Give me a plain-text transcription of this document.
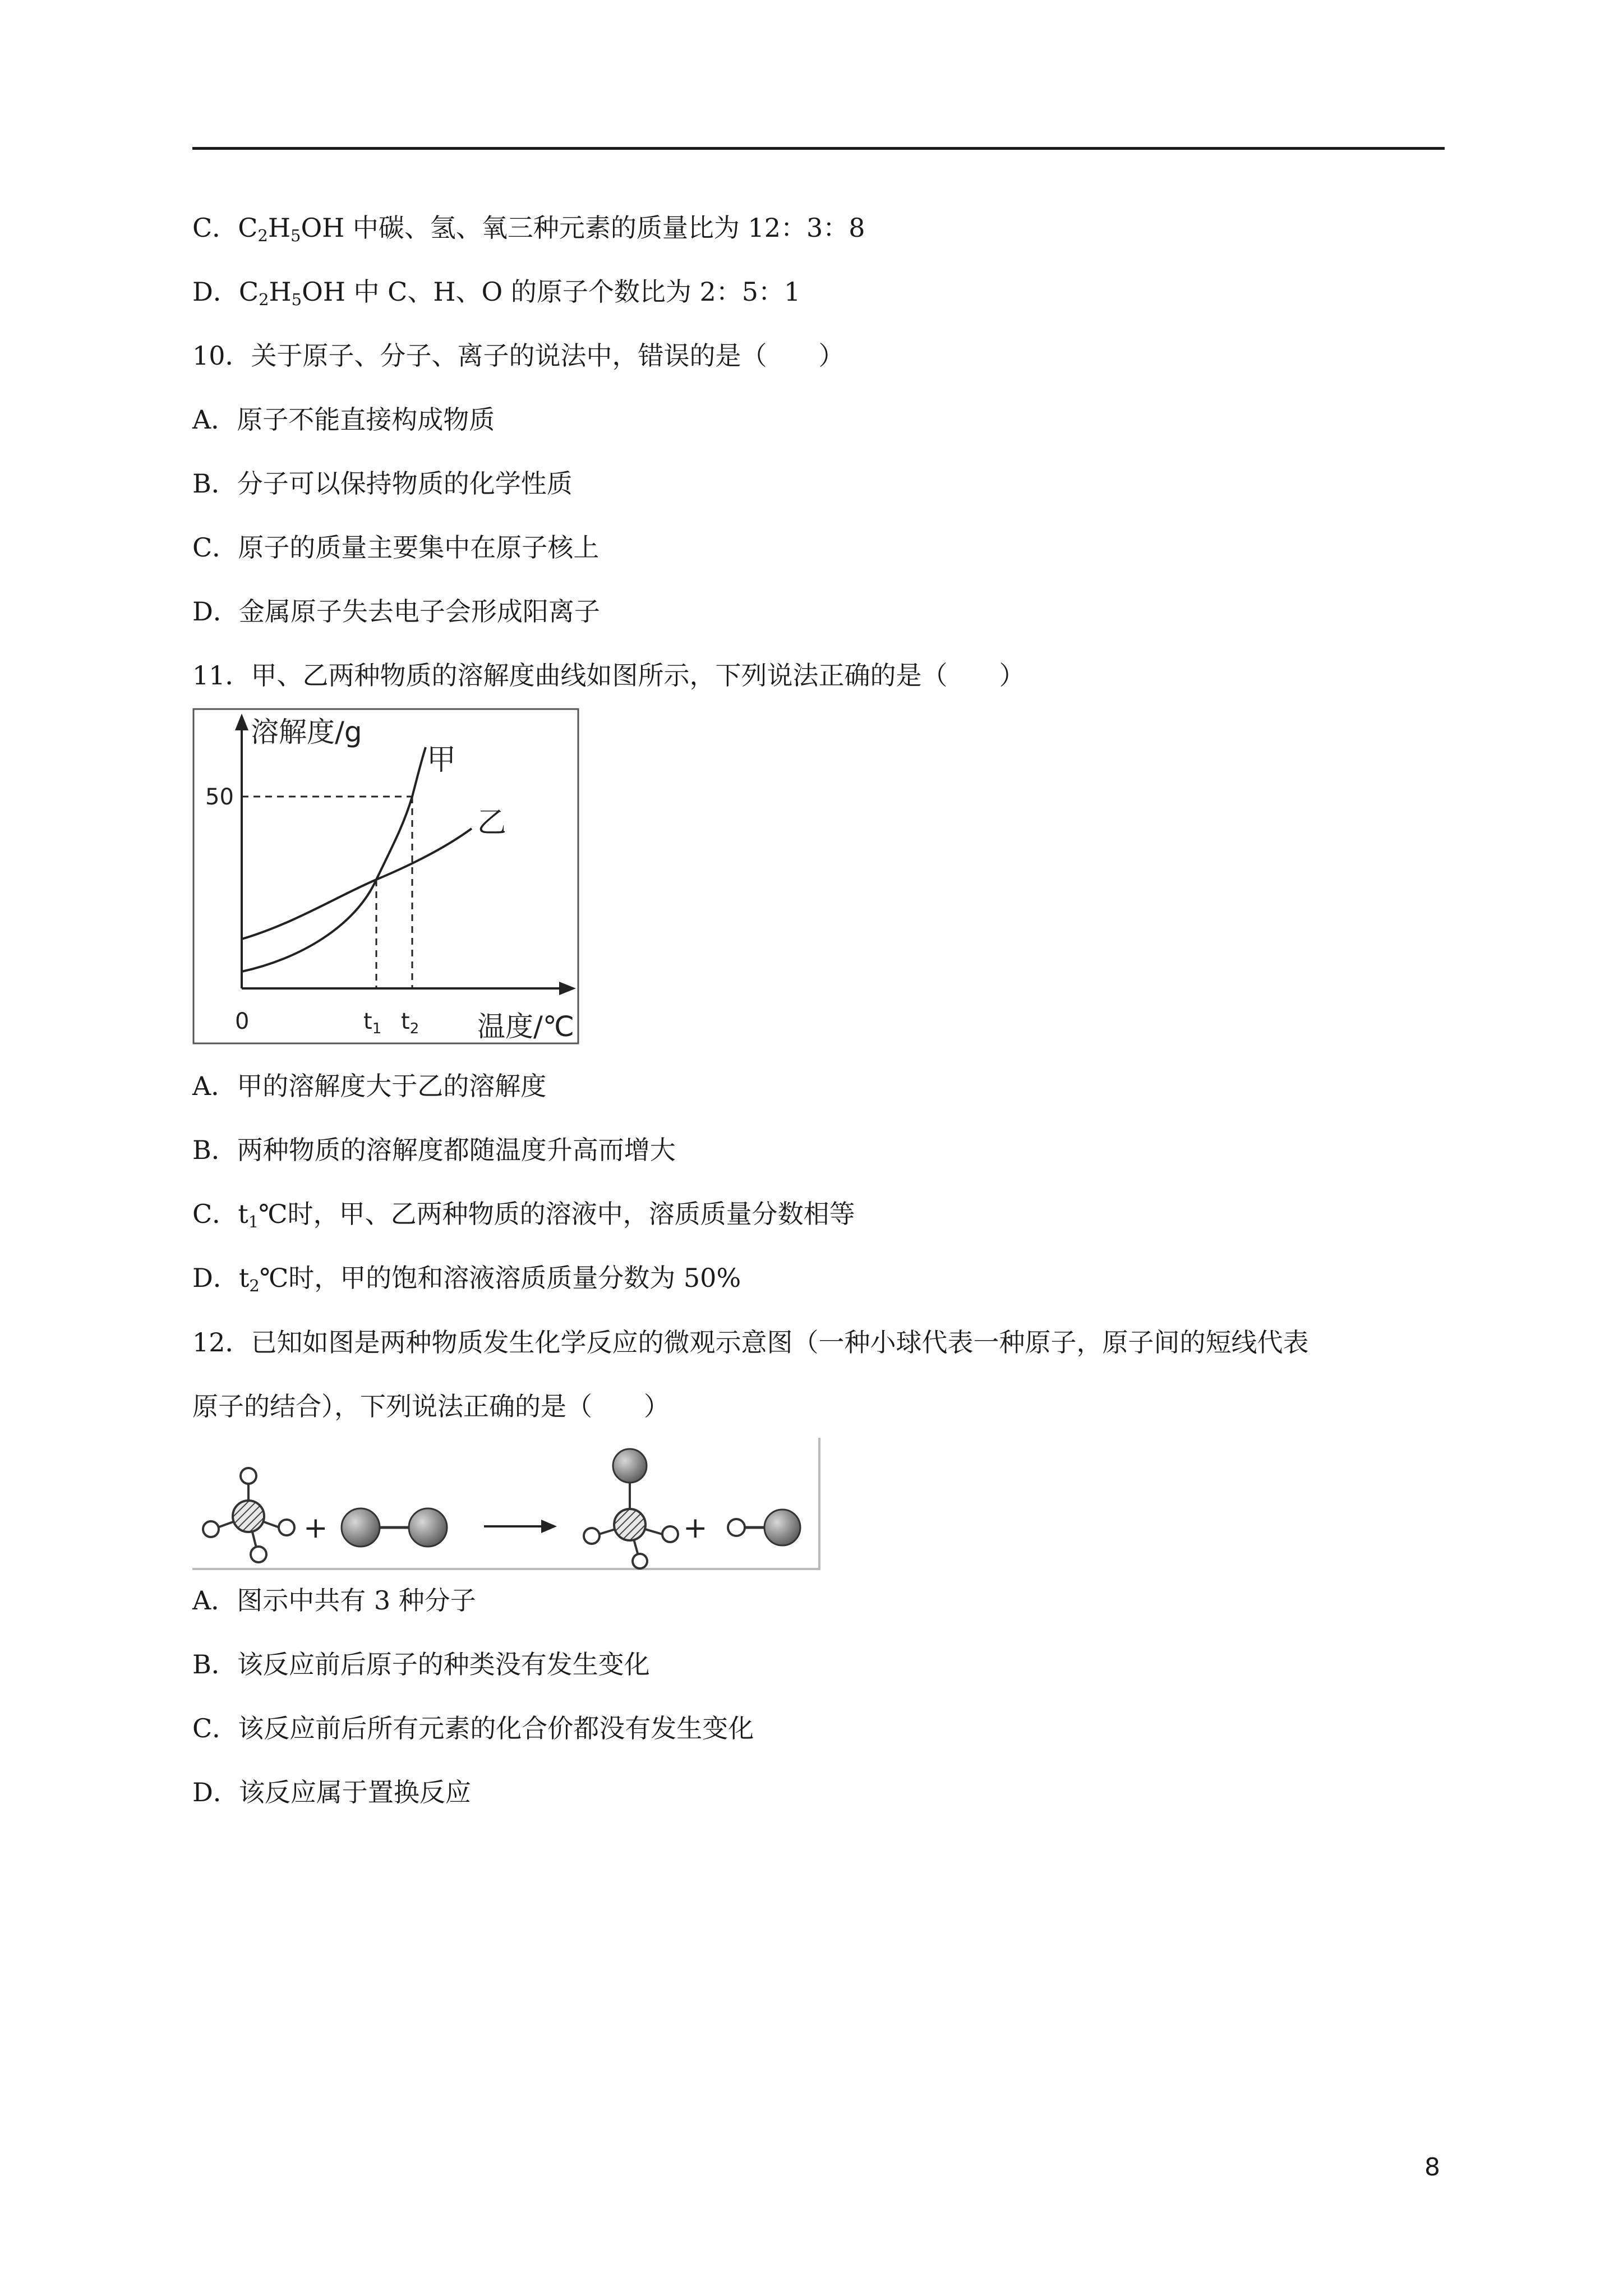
C．$C_2H_5OH$ 中碳、氢、氧三种元素的质量比为 12：3：8
D．$C_2H_5OH$ 中 C、H、O 的原子个数比为 2：5：1
10．关于原子、分子、离子的说法中，错误的是（　　）
A．原子不能直接构成物质
B．分子可以保持物质的化学性质
C．原子的质量主要集中在原子核上
D．金属原子失去电子会形成阳离子
11．甲、乙两种物质的溶解度曲线如图所示，下列说法正确的是（　　）
溶解度/g
50
甲
乙
0	$t_1$ $t_2$ 温度/℃
A．甲的溶解度大于乙的溶解度
B．两种物质的溶解度都随温度升高而增大
C．$t_1℃$时，甲、乙两种物质的溶液中，溶质质量分数相等
D．$t_2℃$时，甲的饱和溶液溶质质量分数为 50%
12．已知如图是两种物质发生化学反应的微观示意图（一种小球代表一种原子，原子间的短线代表
原子的结合），下列说法正确的是（　　）
+	+
A．图示中共有 3 种分子
B．该反应前后原子的种类没有发生变化
C．该反应前后所有元素的化合价都没有发生变化
D．该反应属于置换反应
8
